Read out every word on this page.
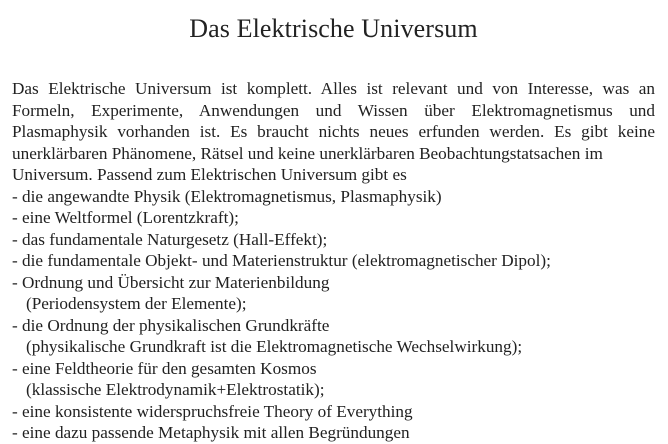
Das Elektrische Universum

Das Elektrische Universum ist komplett. Alles ist relevant und von Interesse, was an Formeln, Experimente, Anwendungen und Wissen über Elektromagnetismus und Plasmaphysik vorhanden ist. Es braucht nichts neues erfunden werden. Es gibt keine unerklärbaren Phänomene, Rätsel und keine unerklärbaren Beobachtungstatsachen im

Universum. Passend zum Elektrischen Universum gibt es

- die angewandte Physik (Elektromagnetismus, Plasmaphysik)
- eine Weltformel (Lorentzkraft);
- das fundamentale Naturgesetz (Hall-Effekt);
- die fundamentale Objekt- und Materienstruktur (elektromagnetischer Dipol);
- Ordnung und Übersicht zur Materienbildung
(Periodensystem der Elemente);
- die Ordnung der physikalischen Grundkräfte
(physikalische Grundkraft ist die Elektromagnetische Wechselwirkung);
- eine Feldtheorie für den gesamten Kosmos
(klassische Elektrodynamik+Elektrostatik);
- eine konsistente widerspruchsfreie Theory of Everything
- eine dazu passende Metaphysik mit allen Begründungen
